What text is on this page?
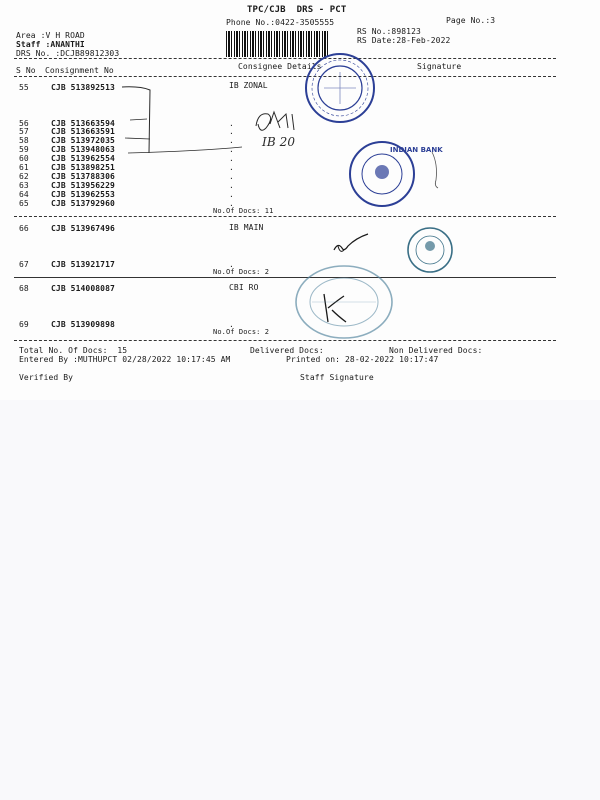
TPC/CJB  DRS - PCT
Phone No.:0422-3505555	Page No.:3
Area :V H ROAD
Staff :ANANTHI
DRS No. :DCJB89812303
RS No.:898123
RS Date:28-Feb-2022
S No Consignment No	Consignee Details	Signature
IB ZONAL
55	CJB 513892513
56	CJB 513663594	.
57	CJB 513663591	.
58	CJB 513972035	.
59	CJB 513948063	.
60	CJB 513962554	.
61	CJB 513898251	.
62	CJB 513788306	.
63	CJB 513956229	.
64	CJB 513962553	.
65	CJB 513792960	.
No.Of Docs: 11
IB MAIN
66	CJB 513967496
67	CJB 513921717	.
No.Of Docs: 2
CBI RO
68	CJB 514008087
69	CJB 513909898	.
No.Of Docs: 2
Total No. Of Docs:  15	Delivered Docs:	Non Delivered Docs:
Entered By :MUTHUPCT 02/28/2022 10:17:45 AM	Printed on: 28-02-2022 10:17:47
Verified By	Staff Signature
IB 20
INDIAN BANK
